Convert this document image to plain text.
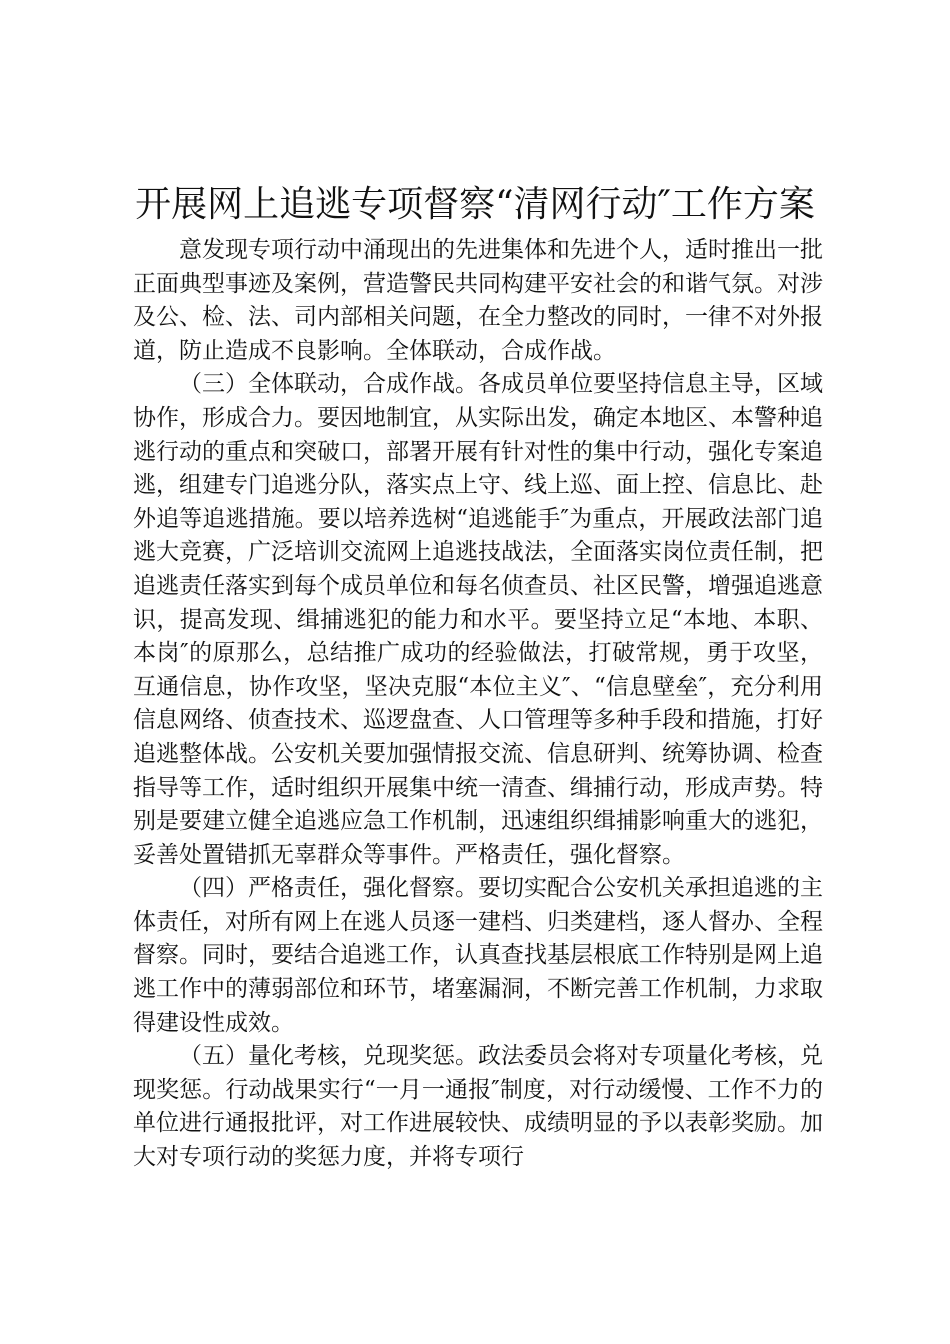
开展网上追逃专项督察“清网行动″工作方案

意发现专项行动中涌现出的先进集体和先进个人，适时推出一批正面典型事迹及案例，营造警民共同构建平安社会的和谐气氛。对涉及公、检、法、司内部相关问题，在全力整改的同时，一律不对外报道，防止造成不良影响。全体联动，合成作战。

（三）全体联动，合成作战。各成员单位要坚持信息主导，区域协作，形成合力。要因地制宜，从实际出发，确定本地区、本警种追逃行动的重点和突破口，部署开展有针对性的集中行动，强化专案追逃，组建专门追逃分队，落实点上守、线上巡、面上控、信息比、赴外追等追逃措施。要以培养选树“追逃能手″为重点，开展政法部门追逃大竞赛，广泛培训交流网上追逃技战法，全面落实岗位责任制，把追逃责任落实到每个成员单位和每名侦查员、社区民警，增强追逃意识，提高发现、缉捕逃犯的能力和水平。要坚持立足“本地、本职、本岗″的原那么，总结推广成功的经验做法，打破常规，勇于攻坚，互通信息，协作攻坚，坚决克服“本位主义″、“信息壁垒″，充分利用信息网络、侦查技术、巡逻盘查、人口管理等多种手段和措施，打好追逃整体战。公安机关要加强情报交流、信息研判、统筹协调、检查指导等工作，适时组织开展集中统一清查、缉捕行动，形成声势。特别是要建立健全追逃应急工作机制，迅速组织缉捕影响重大的逃犯，妥善处置错抓无辜群众等事件。严格责任，强化督察。

（四）严格责任，强化督察。要切实配合公安机关承担追逃的主体责任，对所有网上在逃人员逐一建档、归类建档，逐人督办、全程督察。同时，要结合追逃工作，认真查找基层根底工作特别是网上追逃工作中的薄弱部位和环节，堵塞漏洞，不断完善工作机制，力求取得建设性成效。

（五）量化考核，兑现奖惩。政法委员会将对专项量化考核，兑现奖惩。行动战果实行“一月一通报″制度，对行动缓慢、工作不力的单位进行通报批评，对工作进展较快、成绩明显的予以表彰奖励。加大对专项行动的奖惩力度，并将专项行
